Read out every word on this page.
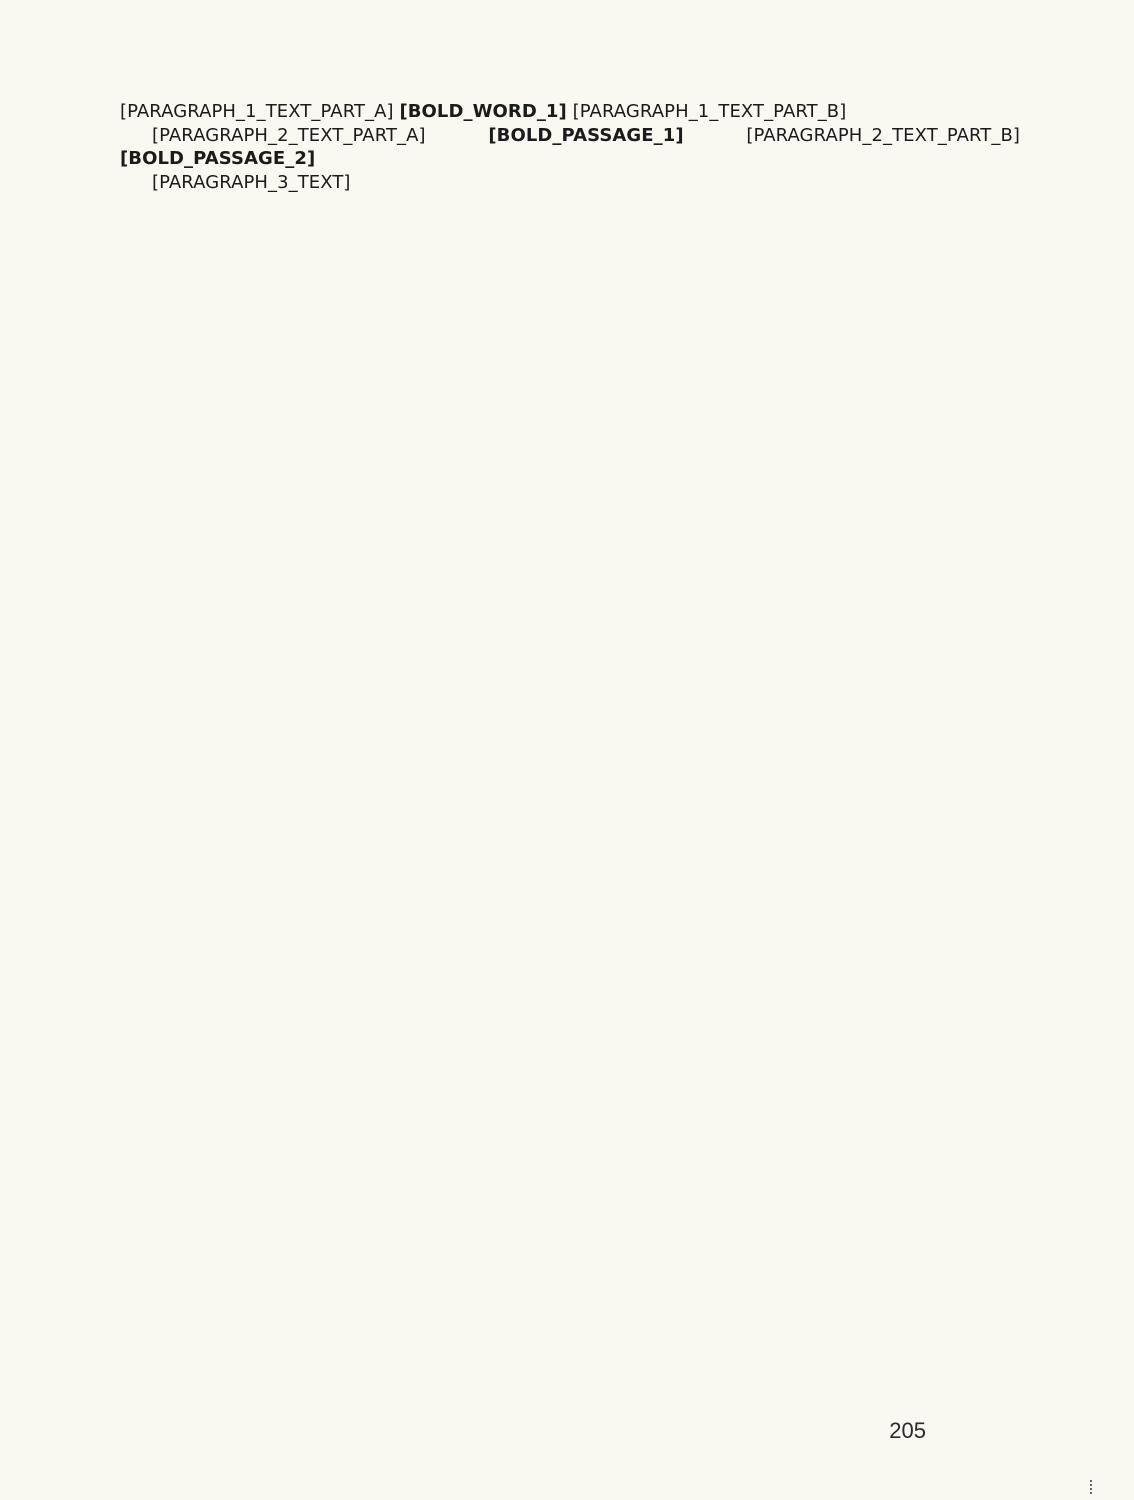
[PARAGRAPH_1_TEXT_PART_A] [BOLD_WORD_1] [PARAGRAPH_1_TEXT_PART_B]

[PARAGRAPH_2_TEXT_PART_A]	[BOLD_PASSAGE_1]	[PARAGRAPH_2_TEXT_PART_B] [BOLD_PASSAGE_2]

[PARAGRAPH_3_TEXT]

205
